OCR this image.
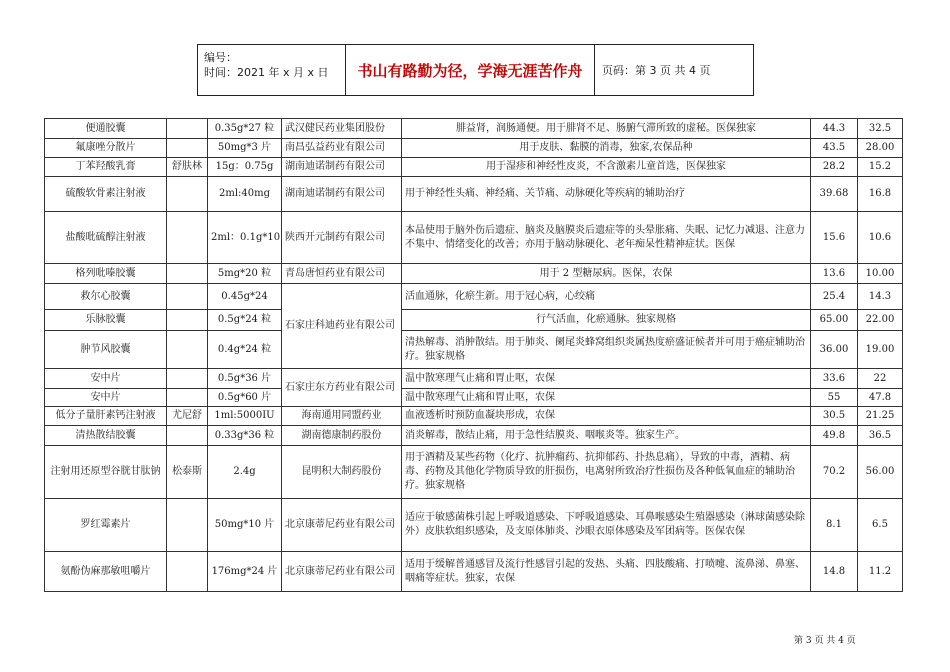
编号：
时间：2021 年 x 月 x 日	书山有路勤为径，学海无涯苦作舟	页码：第 3 页 共 4 页
便通胶囊		0.35g*27 粒	武汉健民药业集团股份	腓益肾，润肠通便。用于腓肾不足、肠腑气滞所致的虚秘。医保独家	44.3	32.5
氟康唑分散片		50mg*3 片	南昌弘益药业有限公司	用于皮肤、黏膜的消毒，独家,农保品种	43.5	28.00
丁苯羟酸乳膏	舒肤林	15g：0.75g	湖南迪诺制药有限公司	用于湿疹和神经性皮炎，不含激素儿童首选，医保独家	28.2	15.2
硫酸软骨素注射液		2ml:40mg	湖南迪诺制药有限公司	用于神经性头痛、神经痛、关节痛、动脉硬化等疾病的辅助治疗	39.68	16.8
盐酸吡硫醇注射液		2ml：0.1g*10	陕西开元制药有限公司	本品使用于脑外伤后遗症、脑炎及脑膜炎后遗症等的头晕胀痛、失眠、记忆力减退、注意力不集中、情绪变化的改善；亦用于脑动脉硬化、老年痴呆性精神症状。医保	15.6	10.6
格列吡嗪胶囊		5mg*20 粒	青岛唐恒药业有限公司	用于 2 型糖尿病。医保，农保	13.6	10.00
救尔心胶囊		0.45g*24	石家庄科迪药业有限公司	活血通脉，化瘀生新。用于冠心病，心绞痛	25.4	14.3
乐脉胶囊		0.5g*24 粒		行气活血，化瘀通脉。独家规格	65.00	22.00
肿节风胶囊		0.4g*24 粒		清热解毒、消肿散结。用于肺炎、阑尾炎蜂窝组织炎属热度瘀盛证候者并可用于癌症辅助治疗。独家规格	36.00	19.00
安中片		0.5g*36 片	石家庄东方药业有限公司	温中散寒理气止痛和胃止呕，农保	33.6	22
安中片		0.5g*60 片		温中散寒理气止痛和胃止呕，农保	55	47.8
低分子量肝素钙注射液	尤尼舒	1ml:5000IU	海南通用同盟药业	血液透析时预防血凝块形成，农保	30.5	21.25
清热散结胶囊		0.33g*36 粒	湖南德康制药股份	消炎解毒，散结止痛，用于急性结膜炎、咽喉炎等。独家生产。	49.8	36.5
注射用还原型谷胱甘肽钠	松泰斯	2.4g	昆明积大制药股份	用于酒精及某些药物（化疗、抗肿瘤药、抗抑郁药、扑热息痛），导致的中毒，酒精、病毒、药物及其他化学物质导致的肝损伤，电离射所致治疗性损伤及各种低氧血症的辅助治疗。独家规格	70.2	56.00
罗红霉素片		50mg*10 片	北京康蒂尼药业有限公司	适应于敏感菌株引起上呼吸道感染、下呼吸道感染、耳鼻喉感染生殖器感染（淋球菌感染除外）皮肤软组织感染，及支原体肺炎、沙眼衣原体感染及军团病等。医保农保	8.1	6.5
氨酚伪麻那敏咀嚼片		176mg*24 片	北京康蒂尼药业有限公司	适用于缓解普通感冒及流行性感冒引起的发热、头痛、四肢酸痛、打喷嚏、流鼻涕、鼻塞、咽痛等症状。独家，农保	14.8	11.2
第 3 页 共 4 页
